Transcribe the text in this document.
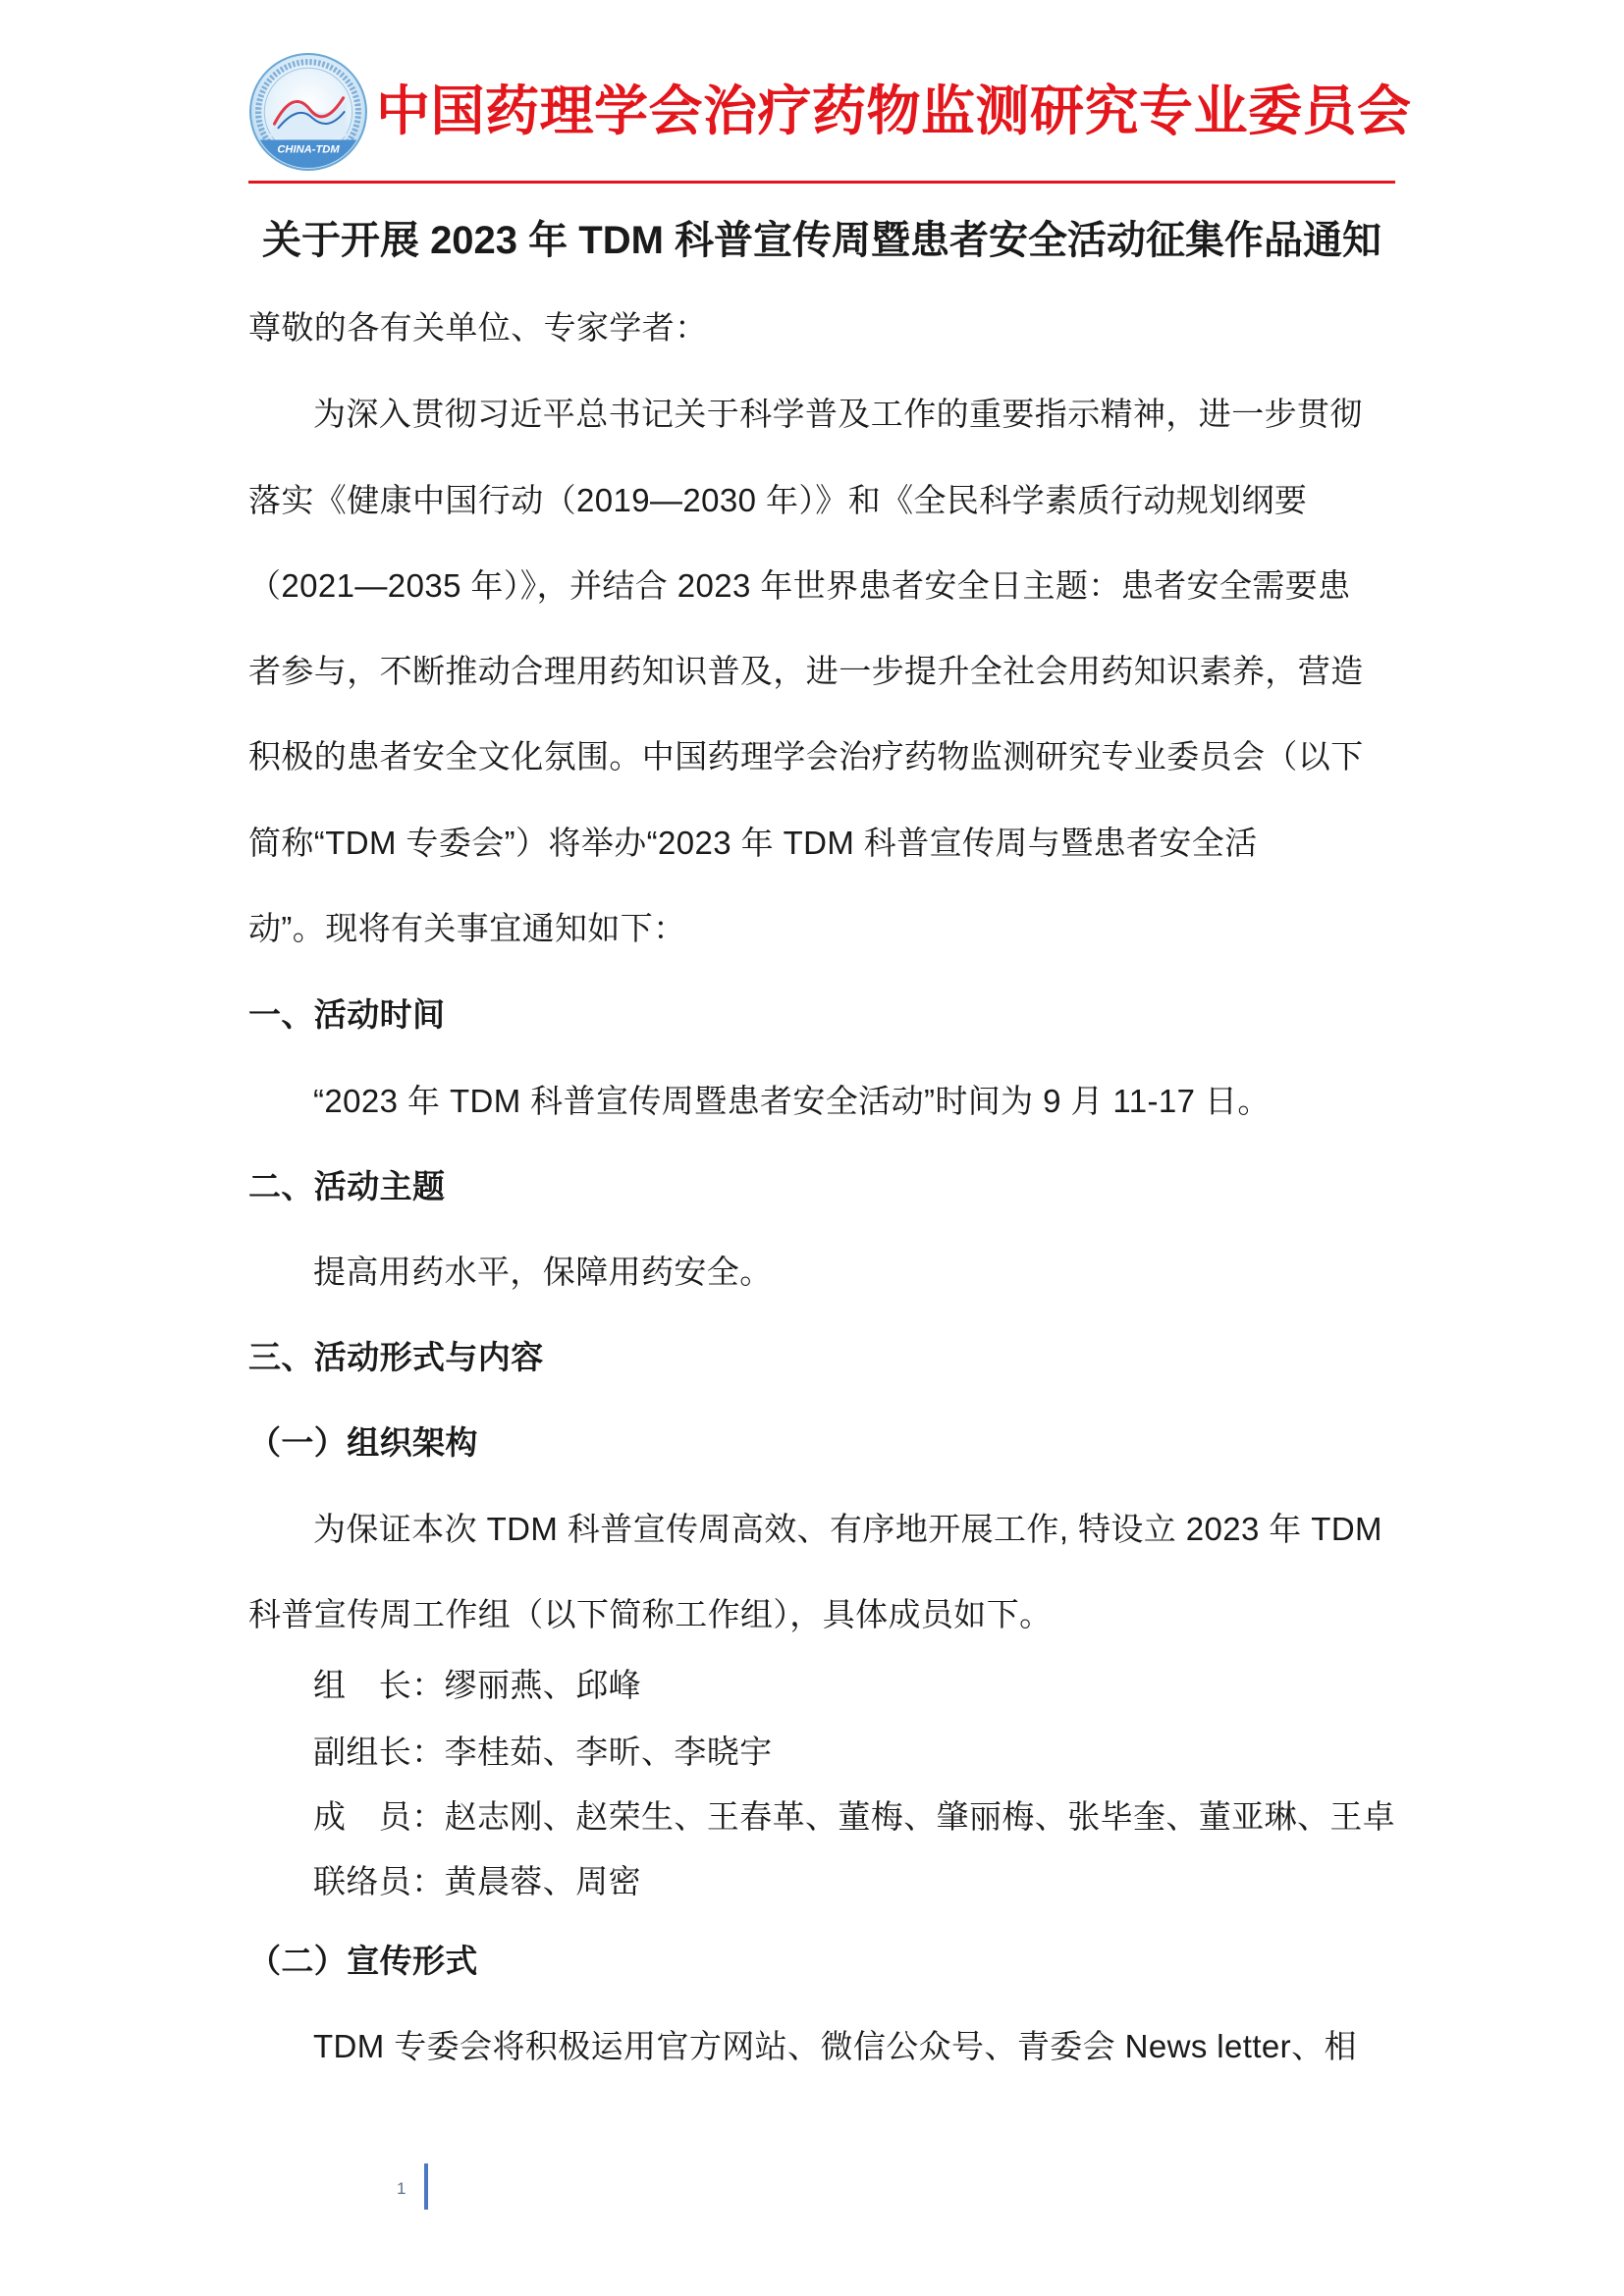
CHINA-TDM
中国药理学会治疗药物监测研究专业委员会
关于开展 2023 年 TDM 科普宣传周暨患者安全活动征集作品通知
尊敬的各有关单位、专家学者：
为深入贯彻习近平总书记关于科学普及工作的重要指示精神，进一步贯彻
落实《健康中国行动（2019—2030 年）》和《全民科学素质行动规划纲要
（2021—2035 年）》，并结合 2023 年世界患者安全日主题：患者安全需要患
者参与，不断推动合理用药知识普及，进一步提升全社会用药知识素养，营造
积极的患者安全文化氛围。中国药理学会治疗药物监测研究专业委员会（以下
简称“TDM 专委会”）将举办“2023 年 TDM 科普宣传周与暨患者安全活
动”。现将有关事宜通知如下：
一、活动时间
“2023 年 TDM 科普宣传周暨患者安全活动”时间为 9 月 11-17 日。
二、活动主题
提高用药水平，保障用药安全。
三、活动形式与内容
（一）组织架构
为保证本次 TDM 科普宣传周高效、有序地开展工作, 特设立 2023 年 TDM
科普宣传周工作组（以下简称工作组），具体成员如下。
组　长：缪丽燕、邱峰
副组长：李桂茹、李昕、李晓宇
成　员：赵志刚、赵荣生、王春革、董梅、肇丽梅、张毕奎、董亚琳、王卓
联络员：黄晨蓉、周密
（二）宣传形式
TDM 专委会将积极运用官方网站、微信公众号、青委会 News letter、相
1
